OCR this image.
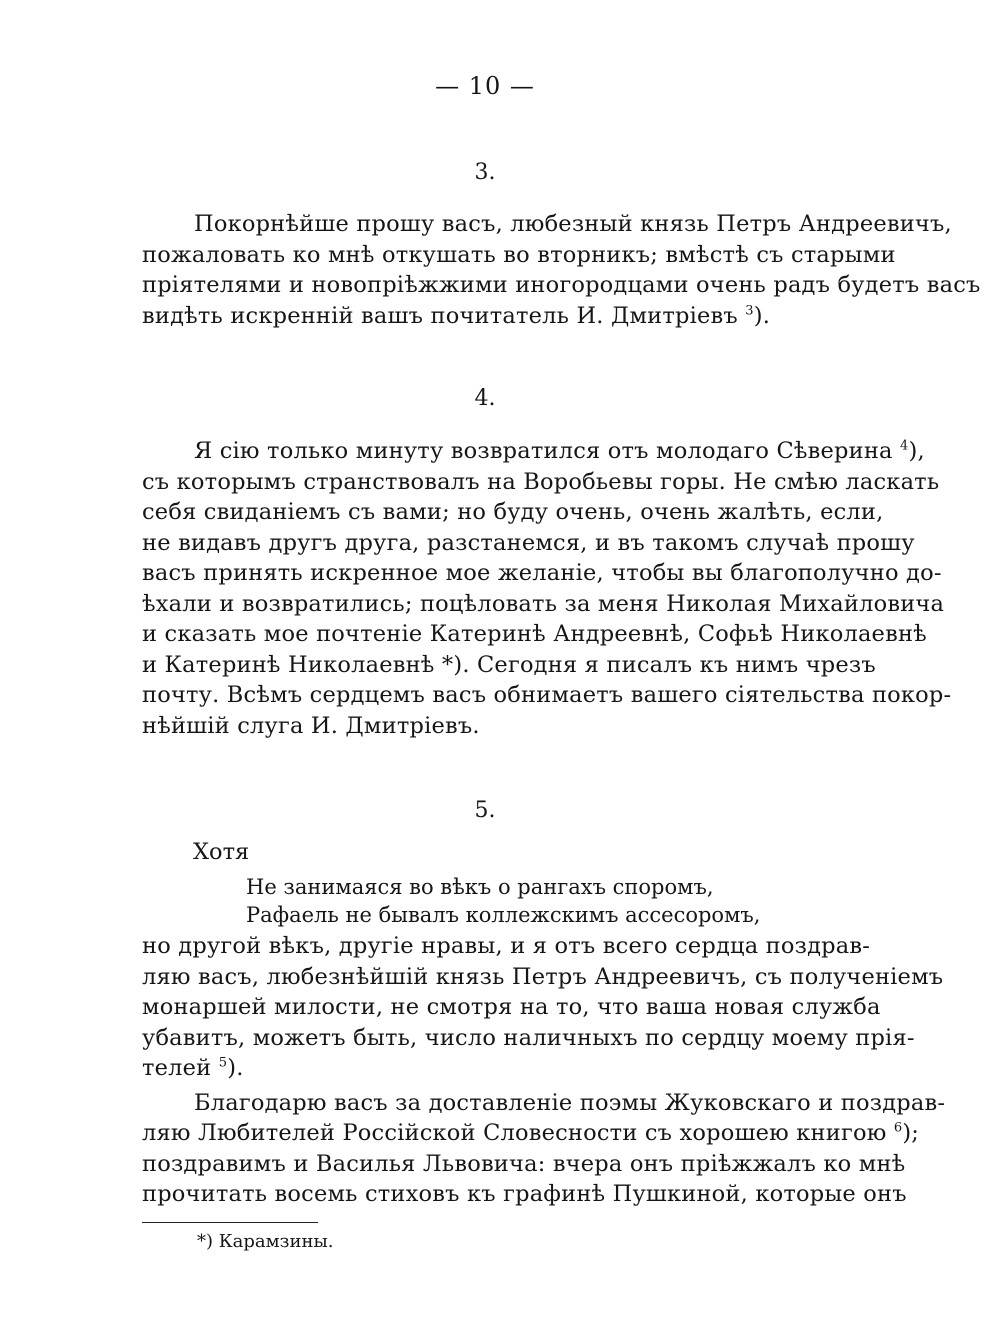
— 10 —
3.
Покорнѣйше прошу васъ, любезный князь Петръ Андреевичъ,
пожаловать ко мнѣ откушать во вторникъ; вмѣстѣ съ старыми
пріятелями и новопріѣжжими иногородцами очень радъ будетъ васъ
видѣть искренній вашъ почитатель И. Дмитріевъ $^3$).
4.
Я сію только минуту возвратился отъ молодаго Сѣверина $^4$),
съ которымъ странствовалъ на Воробьевы горы. Не смѣю ласкать
себя свиданіемъ съ вами; но буду очень, очень жалѣть, если,
не видавъ другъ друга, разстанемся, и въ такомъ случаѣ прошу
васъ принять искренное мое желаніе, чтобы вы благополучно до-
ѣхали и возвратились; поцѣловать за меня Николая Михайловича
и сказать мое почтеніе Катеринѣ Андреевнѣ, Софьѣ Николаевнѣ
и Катеринѣ Николаевнѣ *). Сегодня я писалъ къ нимъ чрезъ
почту. Всѣмъ сердцемъ васъ обнимаетъ вашего сіятельства покор-
нѣйшій слуга И. Дмитріевъ.
5.
Хотя
Не занимаяся во вѣкъ о рангахъ споромъ,
Рафаель не бывалъ коллежскимъ ассесоромъ,
но другой вѣкъ, другіе нравы, и я отъ всего сердца поздрав-
ляю васъ, любезнѣйшій князь Петръ Андреевичъ, съ полученіемъ
монаршей милости, не смотря на то, что ваша новая служба
убавитъ, можетъ быть, число наличныхъ по сердцу моему прія-
телей $^5$).
Благодарю васъ за доставленіе поэмы Жуковскаго и поздрав-
ляю Любителей Россійской Словесности съ хорошею книгою $^6$);
поздравимъ и Василья Львовича: вчера онъ пріѣжжалъ ко мнѣ
прочитать восемь стиховъ къ графинѣ Пушкиной, которые онъ
*) Карамзины.
